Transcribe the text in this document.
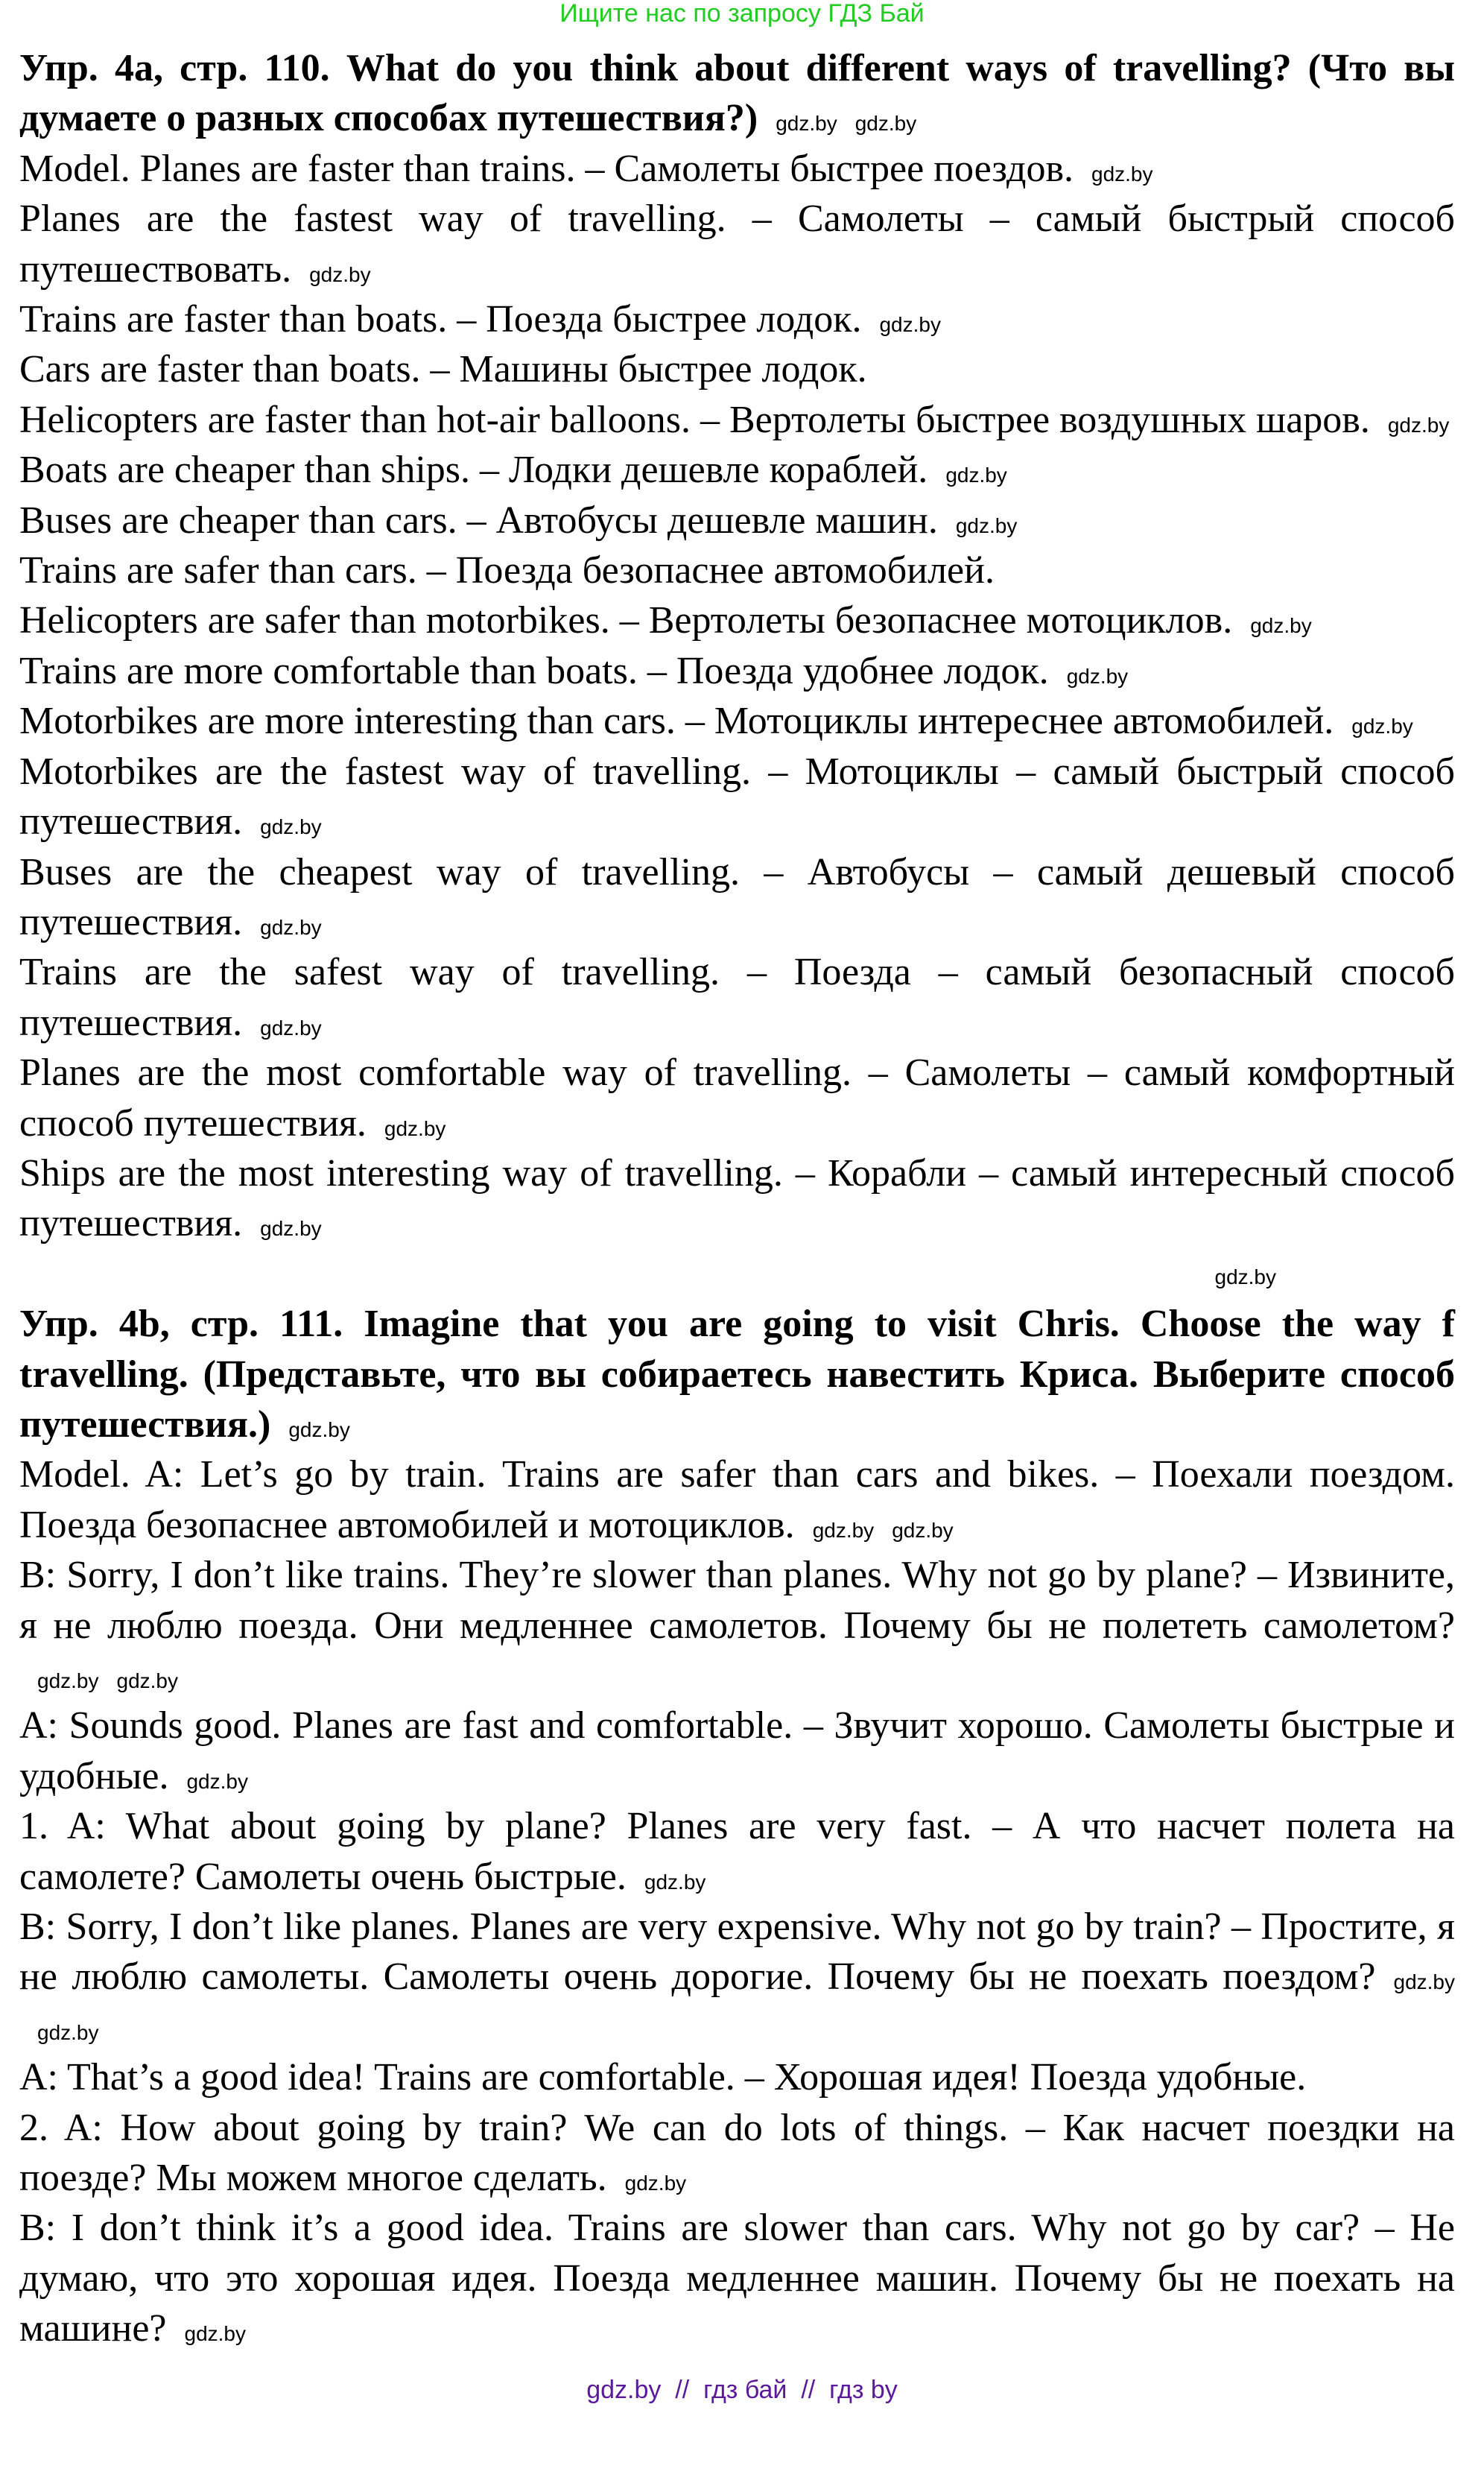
Ищите нас по запросу ГДЗ Бай
Упр. 4а, стр. 110. What do you think about different ways of travelling? (Что вы думаете о разных способах путешествия?) gdz.by gdz.by
Model. Planes are faster than trains. – Самолеты быстрее поездов. gdz.by
Planes are the fastest way of travelling. – Самолеты – самый быстрый способ путешествовать. gdz.by
Trains are faster than boats. – Поезда быстрее лодок. gdz.by
Cars are faster than boats. – Машины быстрее лодок.
Helicopters are faster than hot-air balloons. – Вертолеты быстрее воздушных шаров. gdz.by
Boats are cheaper than ships. – Лодки дешевле кораблей. gdz.by
Buses are cheaper than cars. – Автобусы дешевле машин. gdz.by
Trains are safer than cars. – Поезда безопаснее автомобилей.
Helicopters are safer than motorbikes. – Вертолеты безопаснее мотоциклов. gdz.by
Trains are more comfortable than boats. – Поезда удобнее лодок. gdz.by
Motorbikes are more interesting than cars. – Мотоциклы интереснее автомобилей. gdz.by
Motorbikes are the fastest way of travelling. – Мотоциклы – самый быстрый способ путешествия. gdz.by
Buses are the cheapest way of travelling. – Автобусы – самый дешевый способ путешествия. gdz.by
Trains are the safest way of travelling. – Поезда – самый безопасный способ путешествия. gdz.by
Planes are the most comfortable way of travelling. – Самолеты – самый комфортный способ путешествия. gdz.by
Ships are the most interesting way of travelling. – Корабли – самый интересный способ путешествия. gdz.by
gdz.by
Упр. 4b, стр. 111. Imagine that you are going to visit Chris. Choose the way f travelling. (Представьте, что вы собираетесь навестить Криса. Выберите способ путешествия.) gdz.by
Model. A: Let’s go by train. Trains are safer than cars and bikes. – Поехали поездом. Поезда безопаснее автомобилей и мотоциклов. gdz.by gdz.by
B: Sorry, I don’t like trains. They’re slower than planes. Why not go by plane? – Извините, я не люблю поезда. Они медленнее самолетов. Почему бы не полететь самолетом?gdz.by gdz.by
A: Sounds good. Planes are fast and comfortable. – Звучит хорошо. Самолеты быстрые и удобные. gdz.by
1. A: What about going by plane? Planes are very fast. – А что насчет полета на самолете? Самолеты очень быстрые. gdz.by
B: Sorry, I don’t like planes. Planes are very expensive. Why not go by train? – Простите, я не люблю самолеты. Самолеты очень дорогие. Почему бы не поехать поездом? gdz.bygdz.by
A: That’s a good idea! Trains are comfortable. – Хорошая идея! Поезда удобные.
2. A: How about going by train? We can do lots of things. – Как насчет поездки на поезде? Мы можем многое сделать. gdz.by
B: I don’t think it’s a good idea. Trains are slower than cars. Why not go by car? – Не думаю, что это хорошая идея. Поезда медленнее машин. Почему бы не поехать на машине? gdz.by
gdz.by  //  гдз бай  //  гдз by
